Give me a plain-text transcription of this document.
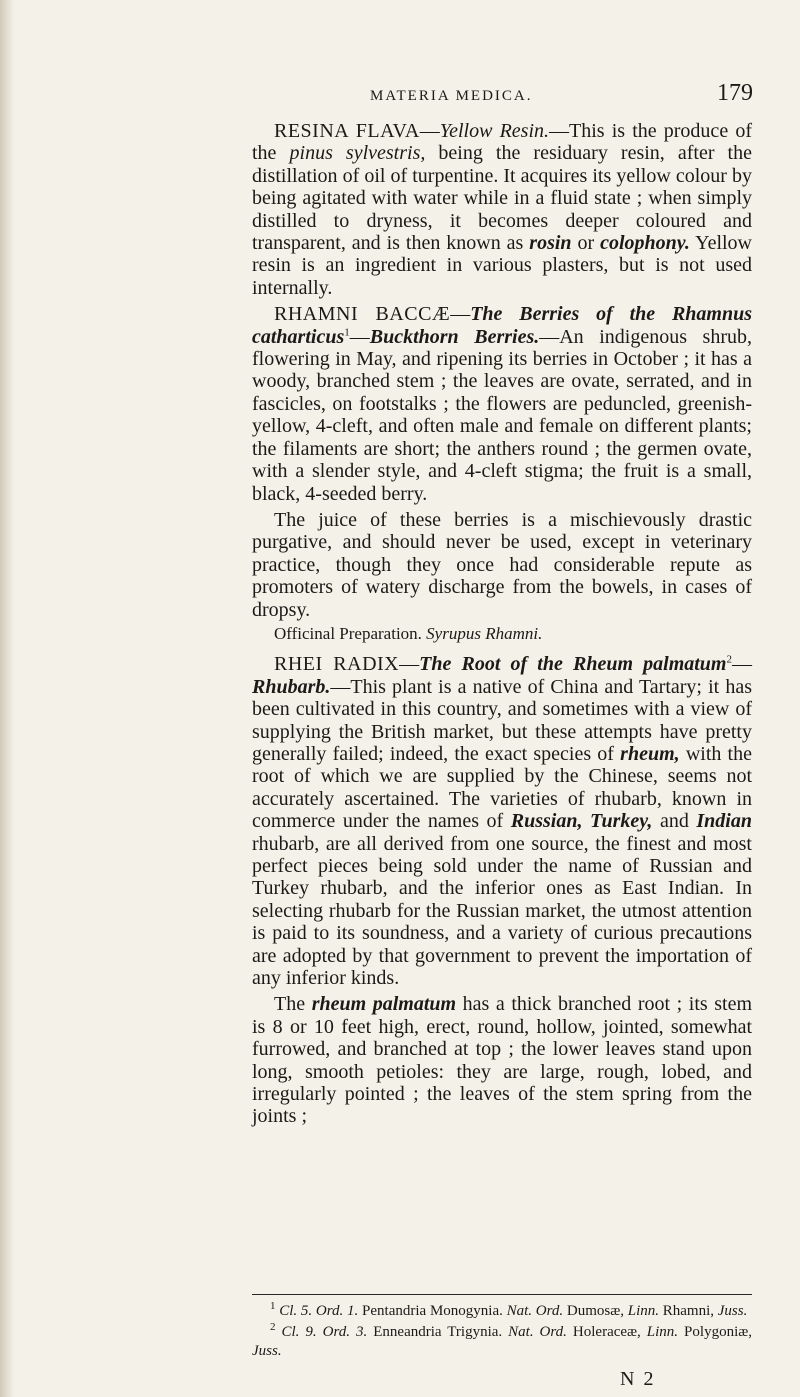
MATERIA MEDICA.	179

RESINA FLAVA—Yellow Resin.—This is the produce of the pinus sylvestris, being the residuary resin, after the distillation of oil of turpentine. It acquires its yellow colour by being agitated with water while in a fluid state ; when simply distilled to dryness, it becomes deeper coloured and transparent, and is then known as rosin or colophony. Yellow resin is an ingredient in various plasters, but is not used internally.

RHAMNI BACCÆ—The Berries of the Rhamnus catharticus$^1$—Buckthorn Berries.—An indigenous shrub, flowering in May, and ripening its berries in October ; it has a woody, branched stem ; the leaves are ovate, serrated, and in fascicles, on footstalks ; the flowers are peduncled, greenish-yellow, 4-cleft, and often male and female on different plants; the filaments are short; the anthers round ; the germen ovate, with a slender style, and 4-cleft stigma; the fruit is a small, black, 4-seeded berry.

The juice of these berries is a mischievously drastic purgative, and should never be used, except in veterinary practice, though they once had considerable repute as promoters of watery discharge from the bowels, in cases of dropsy.

Officinal Preparation. Syrupus Rhamni.

RHEI RADIX—The Root of the Rheum palmatum$^2$—Rhubarb.—This plant is a native of China and Tartary; it has been cultivated in this country, and sometimes with a view of supplying the British market, but these attempts have pretty generally failed; indeed, the exact species of rheum, with the root of which we are supplied by the Chinese, seems not accurately ascertained. The varieties of rhubarb, known in commerce under the names of Russian, Turkey, and Indian rhubarb, are all derived from one source, the finest and most perfect pieces being sold under the name of Russian and Turkey rhubarb, and the inferior ones as East Indian. In selecting rhubarb for the Russian market, the utmost attention is paid to its soundness, and a variety of curious precautions are adopted by that government to prevent the importation of any inferior kinds.

The rheum palmatum has a thick branched root ; its stem is 8 or 10 feet high, erect, round, hollow, jointed, somewhat furrowed, and branched at top ; the lower leaves stand upon long, smooth petioles: they are large, rough, lobed, and irregularly pointed ; the leaves of the stem spring from the joints ;

$^1$ Cl. 5. Ord. 1. Pentandria Monogynia. Nat. Ord. Dumosæ, Linn. Rhamni, Juss.

$^2$ Cl. 9. Ord. 3. Enneandria Trigynia. Nat. Ord. Holeraceæ, Linn. Polygoniæ, Juss.

N 2
